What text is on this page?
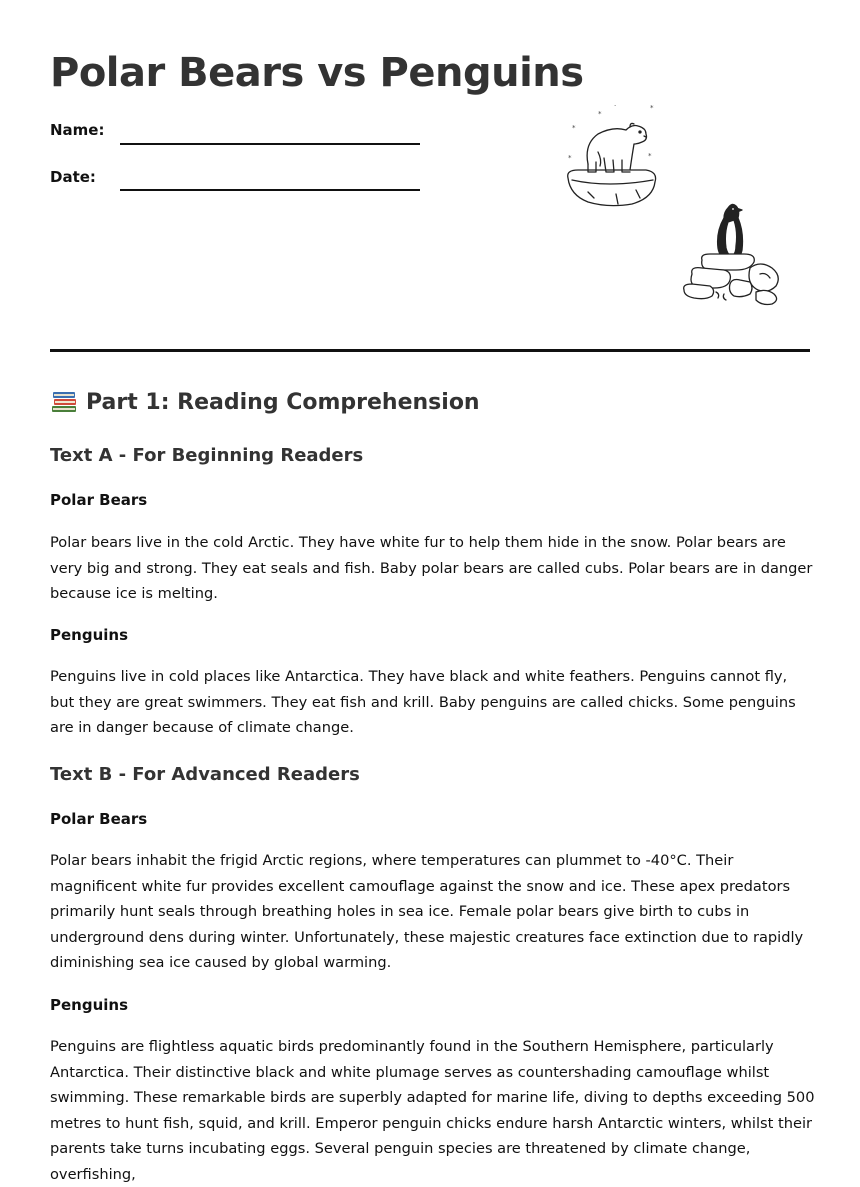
Polar Bears vs Penguins
Name:
Date:
*
*
*
*
*
·
Part 1: Reading Comprehension
Text A - For Beginning Readers
Polar Bears

Polar bears live in the cold Arctic. They have white fur to help them hide in the snow. Polar bears are very big and strong. They eat seals and fish. Baby polar bears are called cubs. Polar bears are in danger because ice is melting.

Penguins

Penguins live in cold places like Antarctica. They have black and white feathers. Penguins cannot fly, but they are great swimmers. They eat fish and krill. Baby penguins are called chicks. Some penguins are in danger because of climate change.

Text B - For Advanced Readers
Polar Bears

Polar bears inhabit the frigid Arctic regions, where temperatures can plummet to -40°C. Their magnificent white fur provides excellent camouflage against the snow and ice. These apex predators primarily hunt seals through breathing holes in sea ice. Female polar bears give birth to cubs in underground dens during winter. Unfortunately, these majestic creatures face extinction due to rapidly diminishing sea ice caused by global warming.

Penguins

Penguins are flightless aquatic birds predominantly found in the Southern Hemisphere, particularly Antarctica. Their distinctive black and white plumage serves as countershading camouflage whilst swimming. These remarkable birds are superbly adapted for marine life, diving to depths exceeding 500 metres to hunt fish, squid, and krill. Emperor penguin chicks endure harsh Antarctic winters, whilst their parents take turns incubating eggs. Several penguin species are threatened by climate change, overfishing,
